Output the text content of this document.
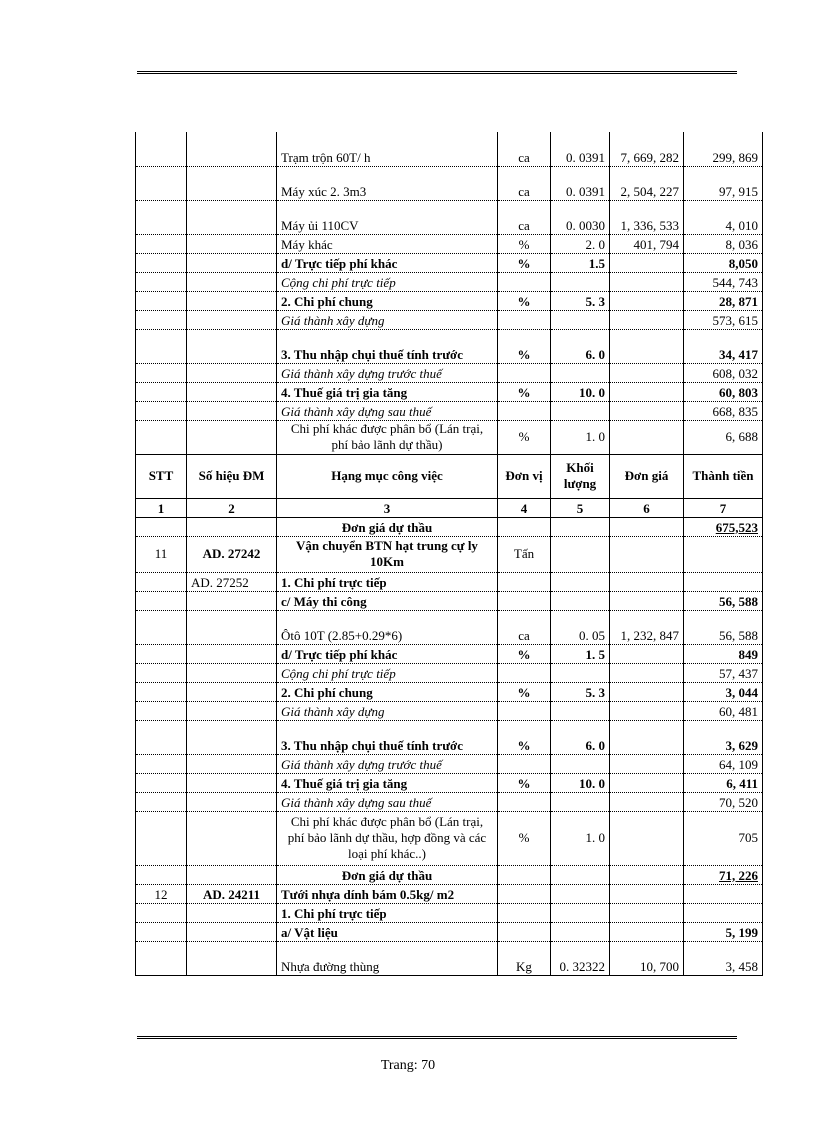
		Trạm trộn 60T/ h	ca	0. 0391	7, 669, 282	299, 869
		Máy xúc 2. 3m3	ca	0. 0391	2, 504, 227	97, 915
		Máy ủi 110CV	ca	0. 0030	1, 336, 533	4, 010
		Máy khác	%	2. 0	401, 794	8, 036
		d/ Trực tiếp phí khác	%	1.5		8,050
		Cộng chi phí trực tiếp				544, 743
		2. Chi phí chung	%	5. 3		28, 871
		Giá thành xây dựng				573, 615
		3. Thu nhập chụi thuế tính trước	%	6. 0		34, 417
		Giá thành xây dựng trước thuế				608, 032
		4. Thuế giá trị gia tăng	%	10. 0		60, 803
		Giá thành xây dựng sau thuế				668, 835
		Chi phí khác được phân bổ (Lán trại, phí bảo lãnh dự thầu)	%	1. 0		6, 688
STT	Số hiệu ĐM	Hạng mục công việc	Đơn vị	Khối lượng	Đơn giá	Thành tiền
1	2	3	4	5	6	7
		Đơn giá dự thầu				675,523
11	AD. 27242	Vận chuyển BTN hạt trung cự ly 10Km	Tấn			
	AD. 27252	1. Chi phí trực tiếp				
		c/ Máy thi công				56, 588
		Ôtô 10T (2.85+0.29*6)	ca	0. 05	1, 232, 847	56, 588
		d/ Trực tiếp phí khác	%	1. 5		849
		Cộng chi phí trực tiếp				57, 437
		2. Chi phí chung	%	5. 3		3, 044
		Giá thành xây dựng				60, 481
		3. Thu nhập chụi thuế tính trước	%	6. 0		3, 629
		Giá thành xây dựng trước thuế				64, 109
		4. Thuế giá trị gia tăng	%	10. 0		6, 411
		Giá thành xây dựng sau thuế				70, 520
		Chi phí khác được phân bổ (Lán trại, phí bảo lãnh dự thầu, hợp đồng và các loại phí khác..)	%	1. 0		705
		Đơn giá dự thầu				71, 226
12	AD. 24211	Tưới nhựa dính bám 0.5kg/ m2				
		1. Chi phí trực tiếp				
		a/ Vật liệu				5, 199
		Nhựa đường thùng	Kg	0. 32322	10, 700	3, 458
Trang: 70
